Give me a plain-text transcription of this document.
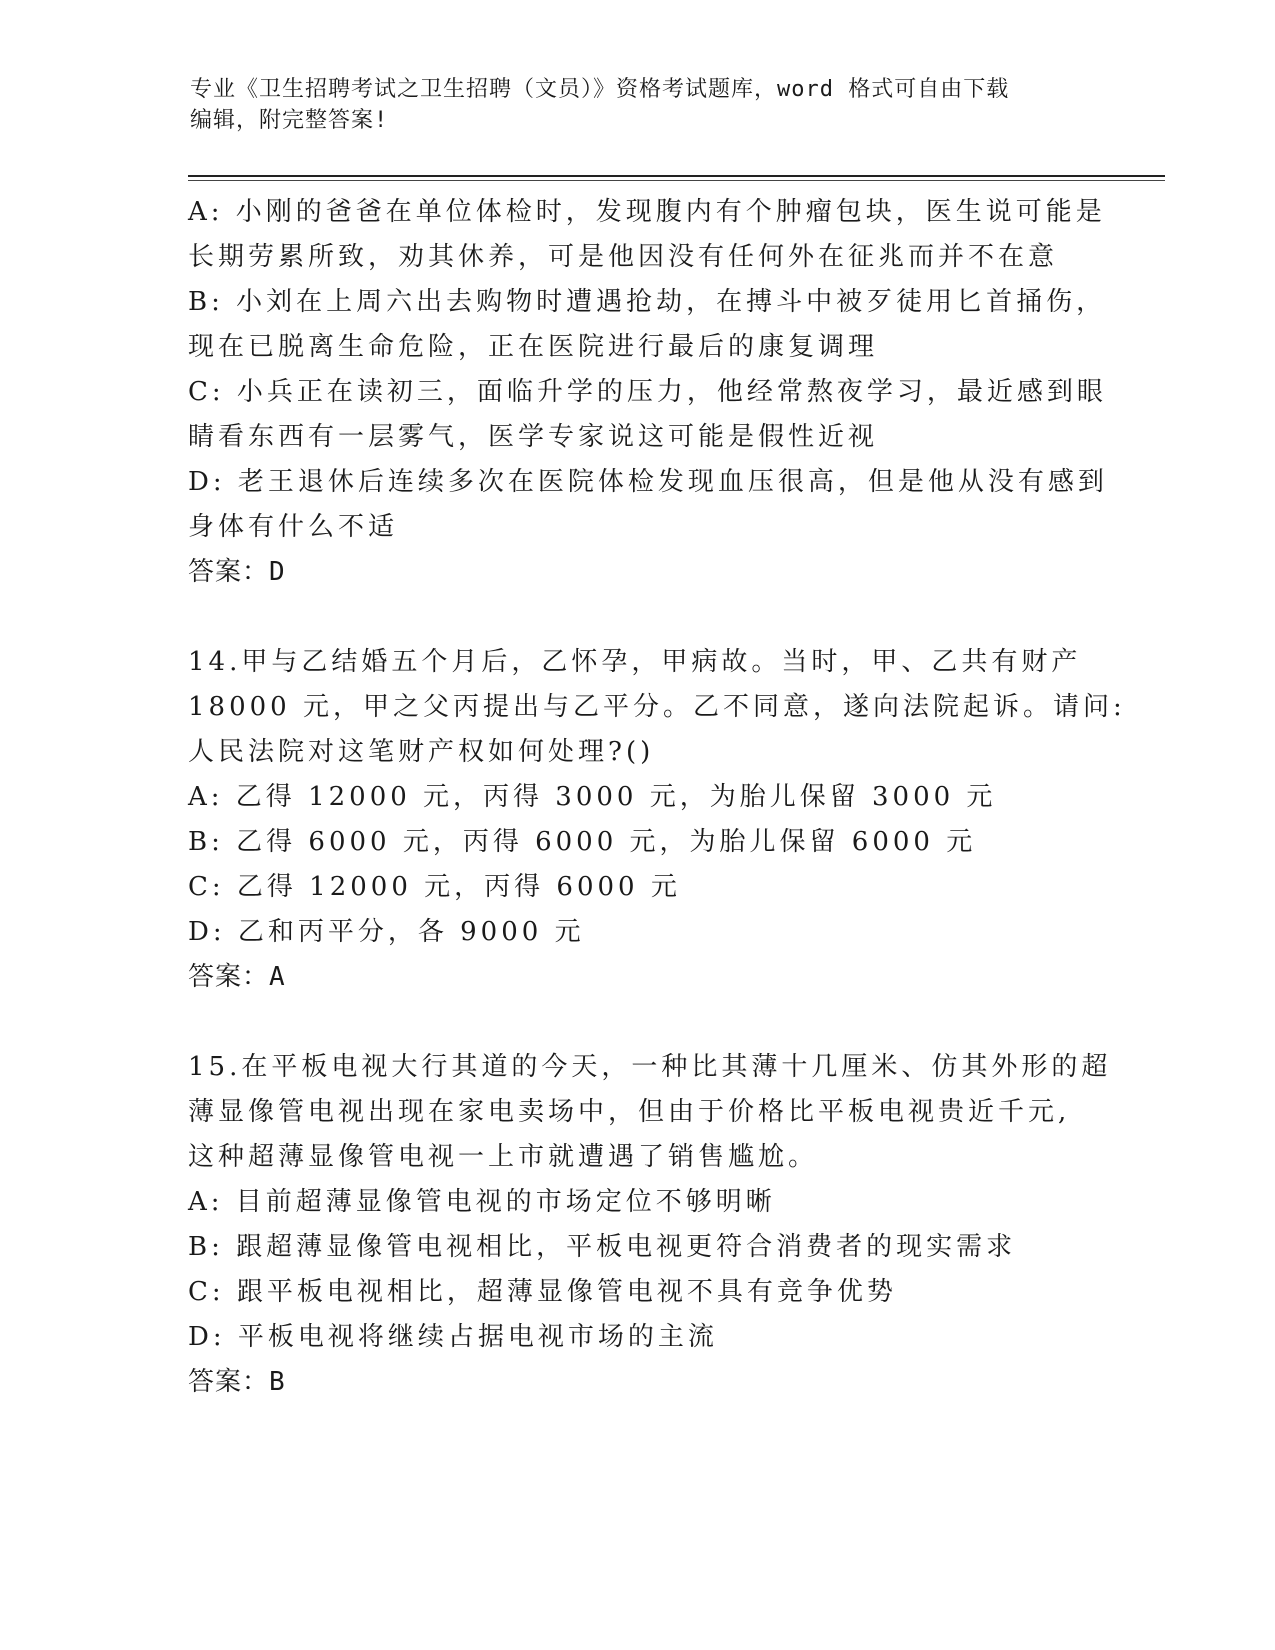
专业《卫生招聘考试之卫生招聘（文员）》资格考试题库，word 格式可自由下载
编辑，附完整答案!
A: 小刚的爸爸在单位体检时，发现腹内有个肿瘤包块，医生说可能是
长期劳累所致，劝其休养，可是他因没有任何外在征兆而并不在意
B: 小刘在上周六出去购物时遭遇抢劫，在搏斗中被歹徒用匕首捅伤，
现在已脱离生命危险，正在医院进行最后的康复调理
C: 小兵正在读初三，面临升学的压力，他经常熬夜学习，最近感到眼
睛看东西有一层雾气，医学专家说这可能是假性近视
D: 老王退休后连续多次在医院体检发现血压很高，但是他从没有感到
身体有什么不适
答案：D
14.甲与乙结婚五个月后，乙怀孕，甲病故。当时，甲、乙共有财产
18000 元，甲之父丙提出与乙平分。乙不同意，遂向法院起诉。请问:
人民法院对这笔财产权如何处理?()
A: 乙得 12000 元，丙得 3000 元，为胎儿保留 3000 元
B: 乙得 6000 元，丙得 6000 元，为胎儿保留 6000 元
C: 乙得 12000 元，丙得 6000 元
D: 乙和丙平分，各 9000 元
答案：A
15.在平板电视大行其道的今天，一种比其薄十几厘米、仿其外形的超
薄显像管电视出现在家电卖场中，但由于价格比平板电视贵近千元,
这种超薄显像管电视一上市就遭遇了销售尴尬。
A: 目前超薄显像管电视的市场定位不够明晰
B: 跟超薄显像管电视相比，平板电视更符合消费者的现实需求
C: 跟平板电视相比，超薄显像管电视不具有竞争优势
D: 平板电视将继续占据电视市场的主流
答案：B
